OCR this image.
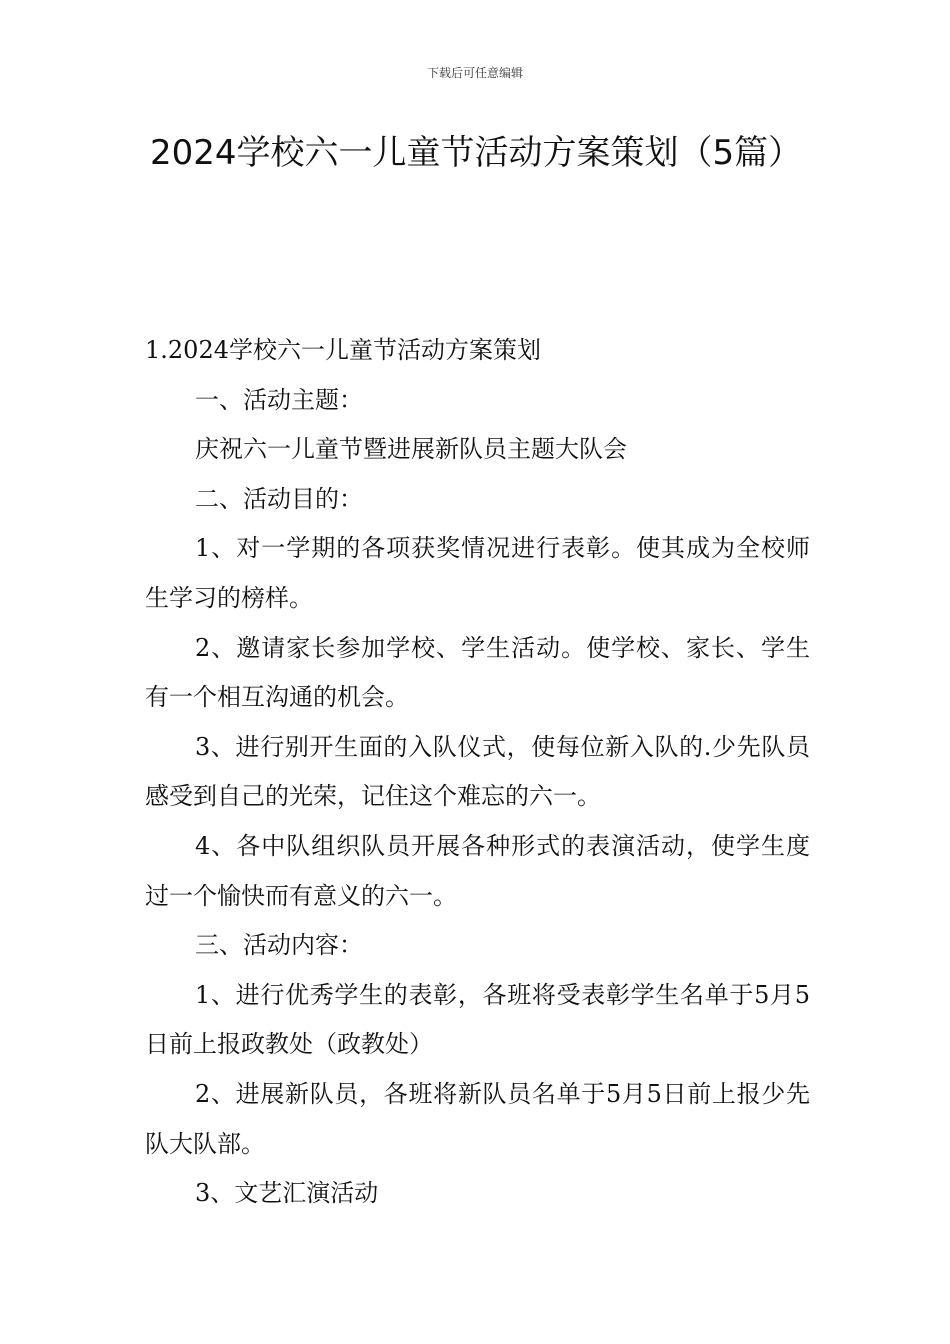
下载后可任意编辑
2024学校六一儿童节活动方案策划（5篇）

1.2024学校六一儿童节活动方案策划

一、活动主题：

庆祝六一儿童节暨进展新队员主题大队会

二、活动目的：

1、对一学期的各项获奖情况进行表彰。使其成为全校师生学习的榜样。

2、邀请家长参加学校、学生活动。使学校、家长、学生有一个相互沟通的机会。

3、进行别开生面的入队仪式，使每位新入队的.少先队员感受到自己的光荣，记住这个难忘的六一。

4、各中队组织队员开展各种形式的表演活动，使学生度过一个愉快而有意义的六一。

三、活动内容：

1、进行优秀学生的表彰，各班将受表彰学生名单于5月5日前上报政教处（政教处）

2、进展新队员，各班将新队员名单于5月5日前上报少先队大队部。

3、文艺汇演活动
